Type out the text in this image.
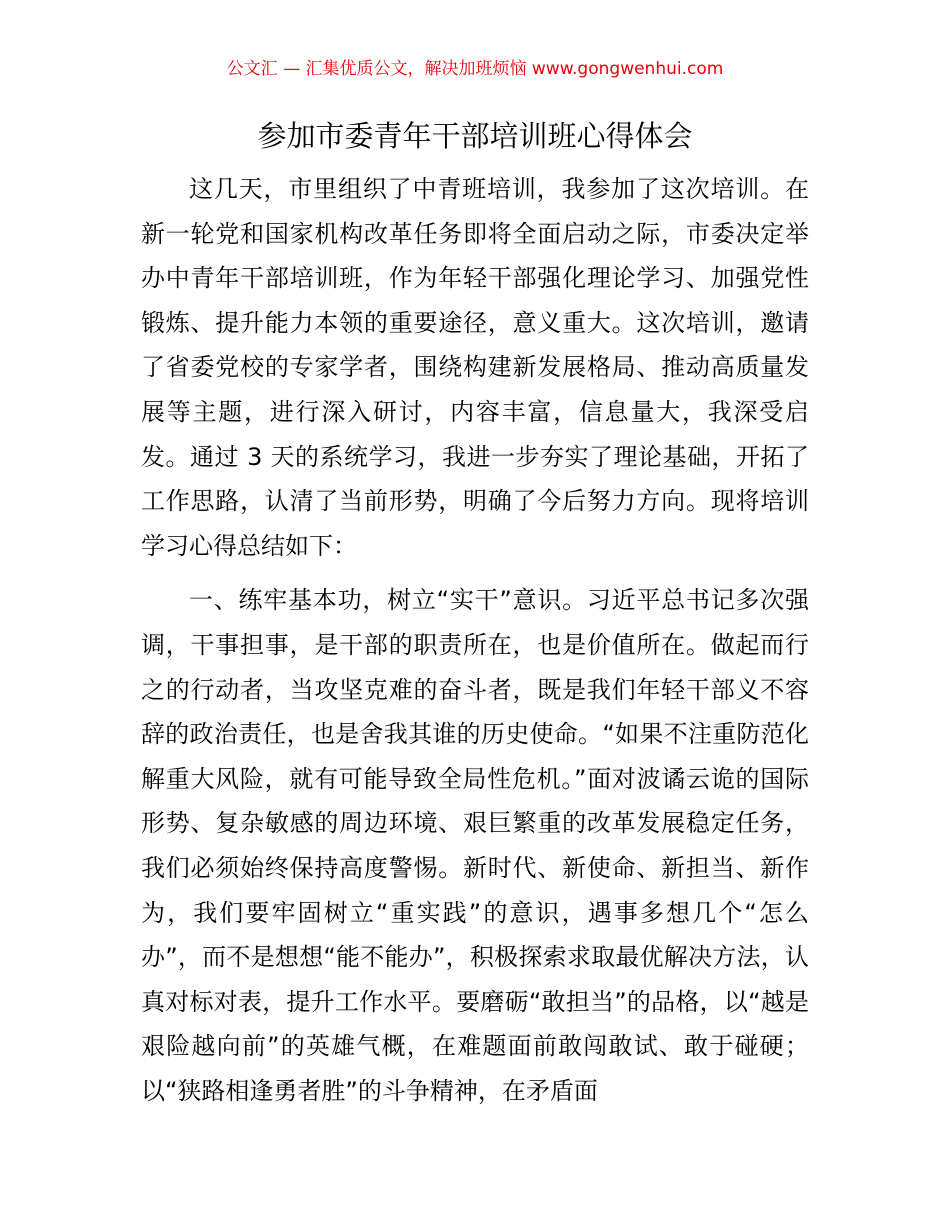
公文汇 — 汇集优质公文，解决加班烦恼 www.gongwenhui.com
参加市委青年干部培训班心得体会

这几天，市里组织了中青班培训，我参加了这次培训。在新一轮党和国家机构改革任务即将全面启动之际，市委决定举办中青年干部培训班，作为年轻干部强化理论学习、加强党性锻炼、提升能力本领的重要途径，意义重大。这次培训，邀请了省委党校的专家学者，围绕构建新发展格局、推动高质量发展等主题，进行深入研讨，内容丰富，信息量大，我深受启发。通过 3 天的系统学习，我进一步夯实了理论基础，开拓了工作思路，认清了当前形势，明确了今后努力方向。现将培训学习心得总结如下：

一、练牢基本功，树立“实干”意识。习近平总书记多次强调，干事担事，是干部的职责所在，也是价值所在。做起而行之的行动者，当攻坚克难的奋斗者，既是我们年轻干部义不容辞的政治责任，也是舍我其谁的历史使命。“如果不注重防范化解重大风险，就有可能导致全局性危机。”面对波谲云诡的国际形势、复杂敏感的周边环境、艰巨繁重的改革发展稳定任务，我们必须始终保持高度警惕。新时代、新使命、新担当、新作为，我们要牢固树立“重实践”的意识，遇事多想几个“怎么办”，而不是想想“能不能办”，积极探索求取最优解决方法，认真对标对表，提升工作水平。要磨砺“敢担当”的品格，以“越是艰险越向前”的英雄气概，在难题面前敢闯敢试、敢于碰硬；以“狭路相逢勇者胜”的斗争精神，在矛盾面
